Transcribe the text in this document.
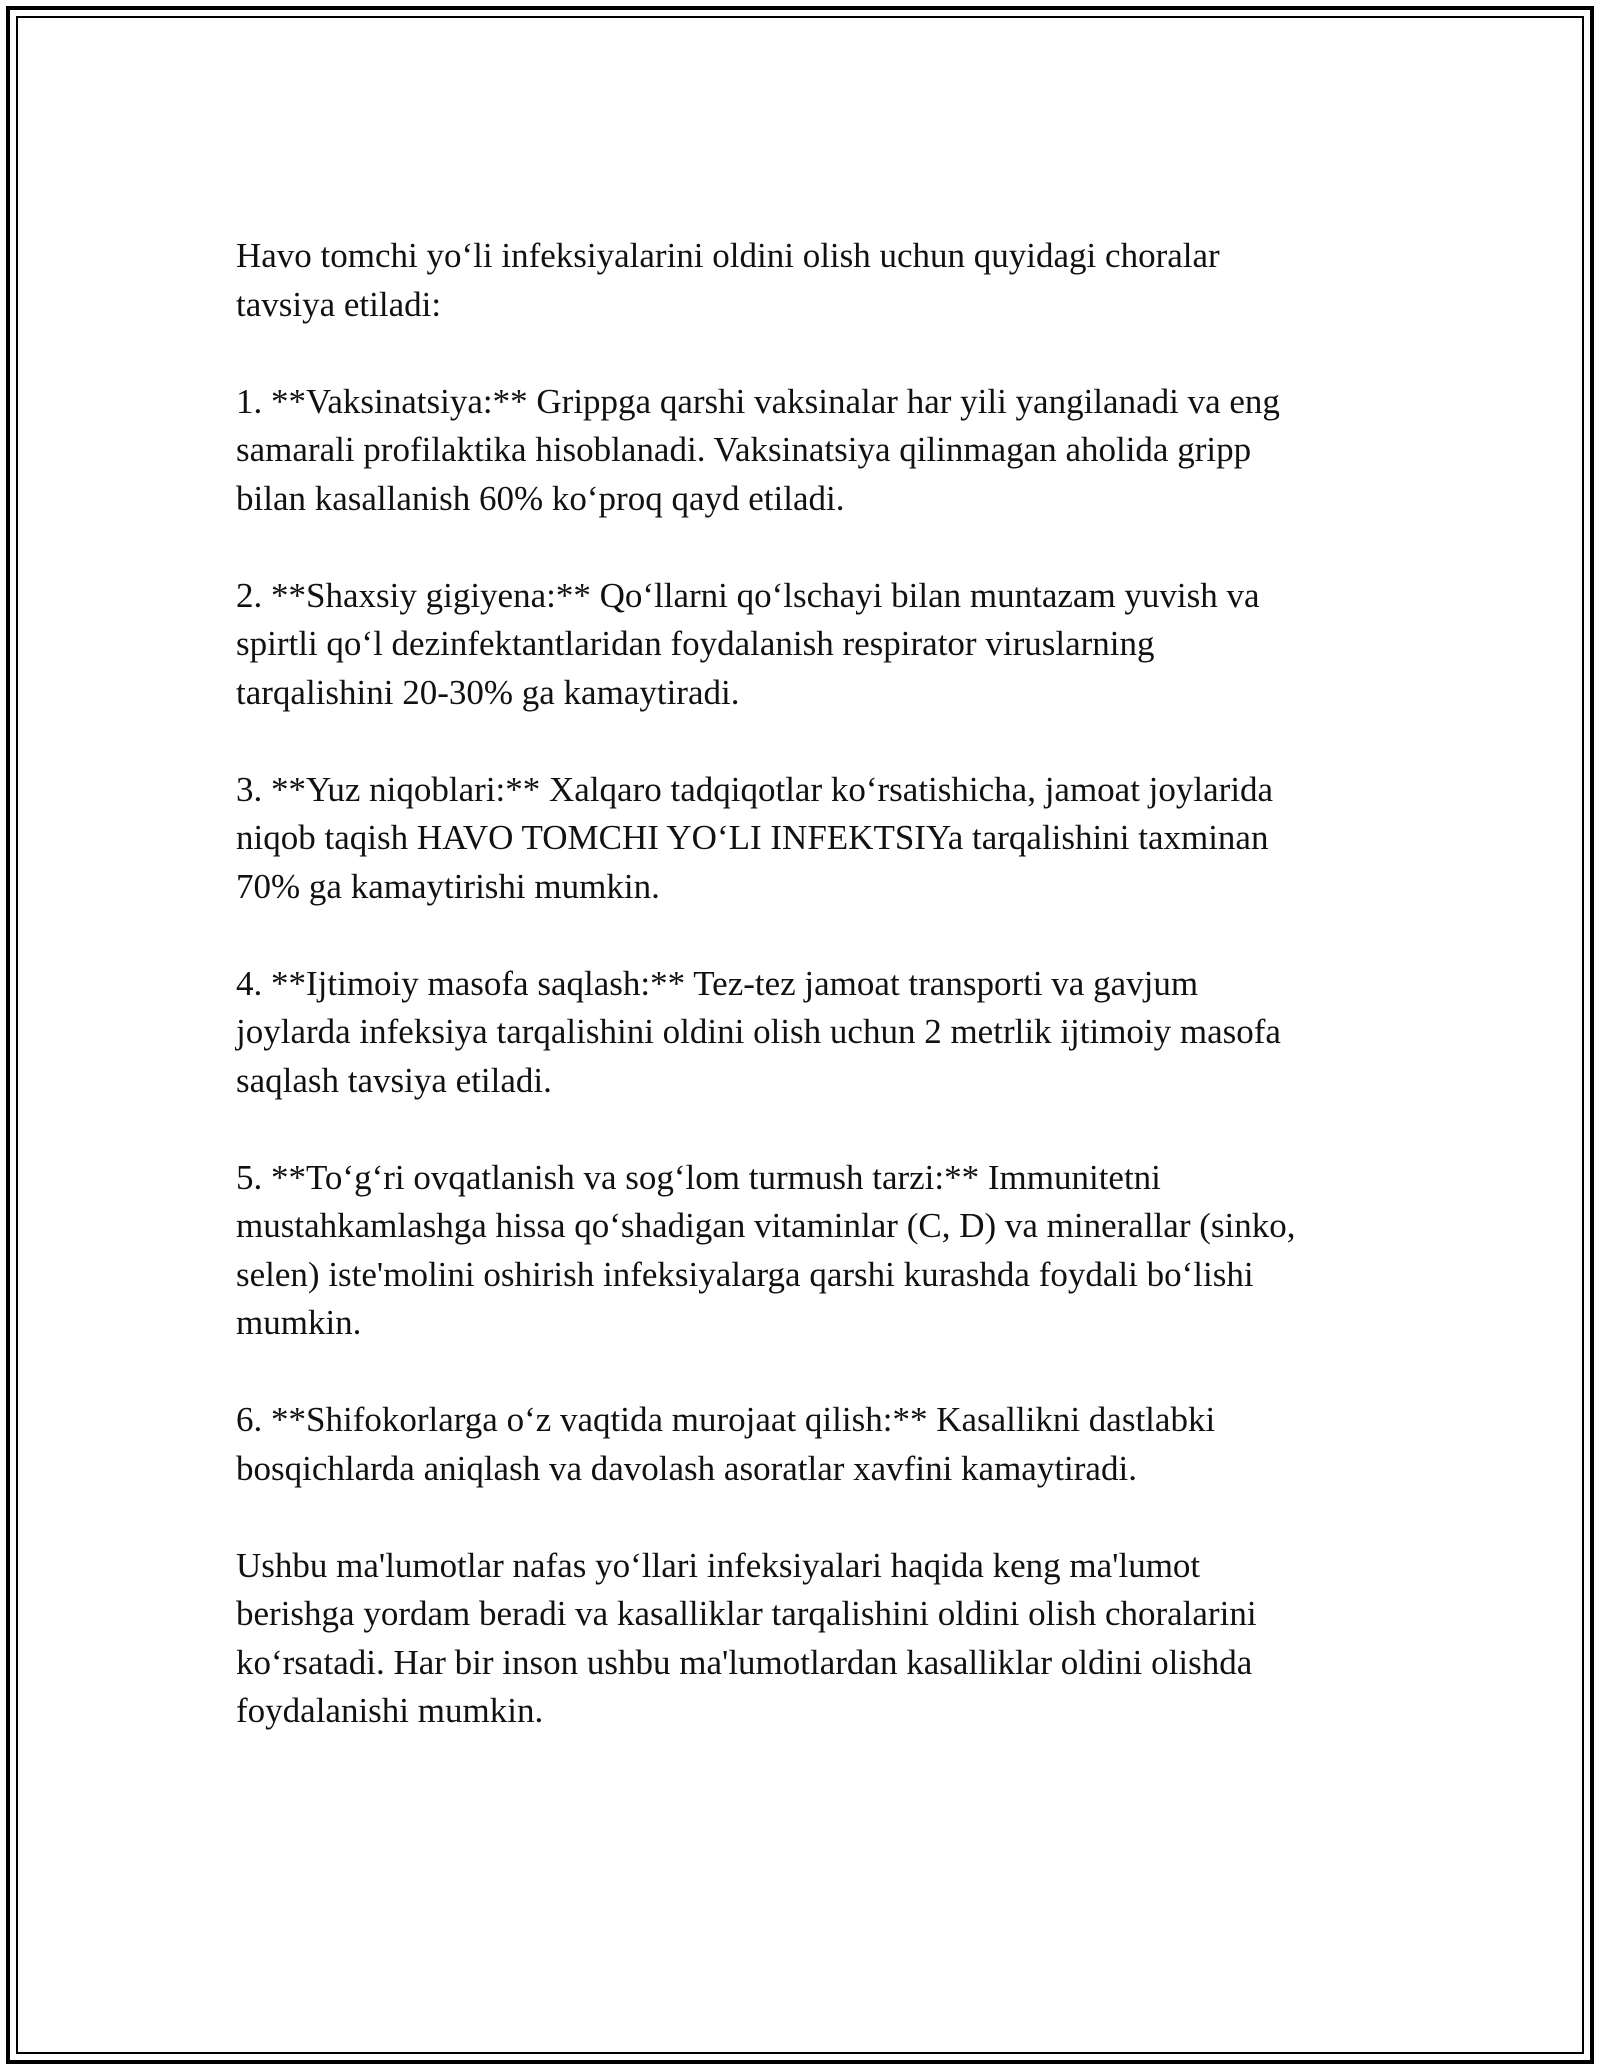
Havo tomchi yoʻli infeksiyalarini oldini olish uchun quyidagi choralar
tavsiya etiladi:

1. **Vaksinatsiya:** Grippga qarshi vaksinalar har yili yangilanadi va eng
samarali profilaktika hisoblanadi. Vaksinatsiya qilinmagan aholida gripp
bilan kasallanish 60% koʻproq qayd etiladi.

2. **Shaxsiy gigiyena:** Qoʻllarni qoʻlschayi bilan muntazam yuvish va
spirtli qoʻl dezinfektantlaridan foydalanish respirator viruslarning
tarqalishini 20-30% ga kamaytiradi.

3. **Yuz niqoblari:** Xalqaro tadqiqotlar koʻrsatishicha, jamoat joylarida
niqob taqish HAVO TOMCHI YOʻLI INFEKTSIYa tarqalishini taxminan
70% ga kamaytirishi mumkin.

4. **Ijtimoiy masofa saqlash:** Tez-tez jamoat transporti va gavjum
joylarda infeksiya tarqalishini oldini olish uchun 2 metrlik ijtimoiy masofa
saqlash tavsiya etiladi.

5. **Toʻgʻri ovqatlanish va sogʻlom turmush tarzi:** Immunitetni
mustahkamlashga hissa qoʻshadigan vitaminlar (C, D) va minerallar (sinko,
selen) iste'molini oshirish infeksiyalarga qarshi kurashda foydali boʻlishi
mumkin.

6. **Shifokorlarga oʻz vaqtida murojaat qilish:** Kasallikni dastlabki
bosqichlarda aniqlash va davolash asoratlar xavfini kamaytiradi.

Ushbu ma'lumotlar nafas yoʻllari infeksiyalari haqida keng ma'lumot
berishga yordam beradi va kasalliklar tarqalishini oldini olish choralarini
koʻrsatadi. Har bir inson ushbu ma'lumotlardan kasalliklar oldini olishda
foydalanishi mumkin.
